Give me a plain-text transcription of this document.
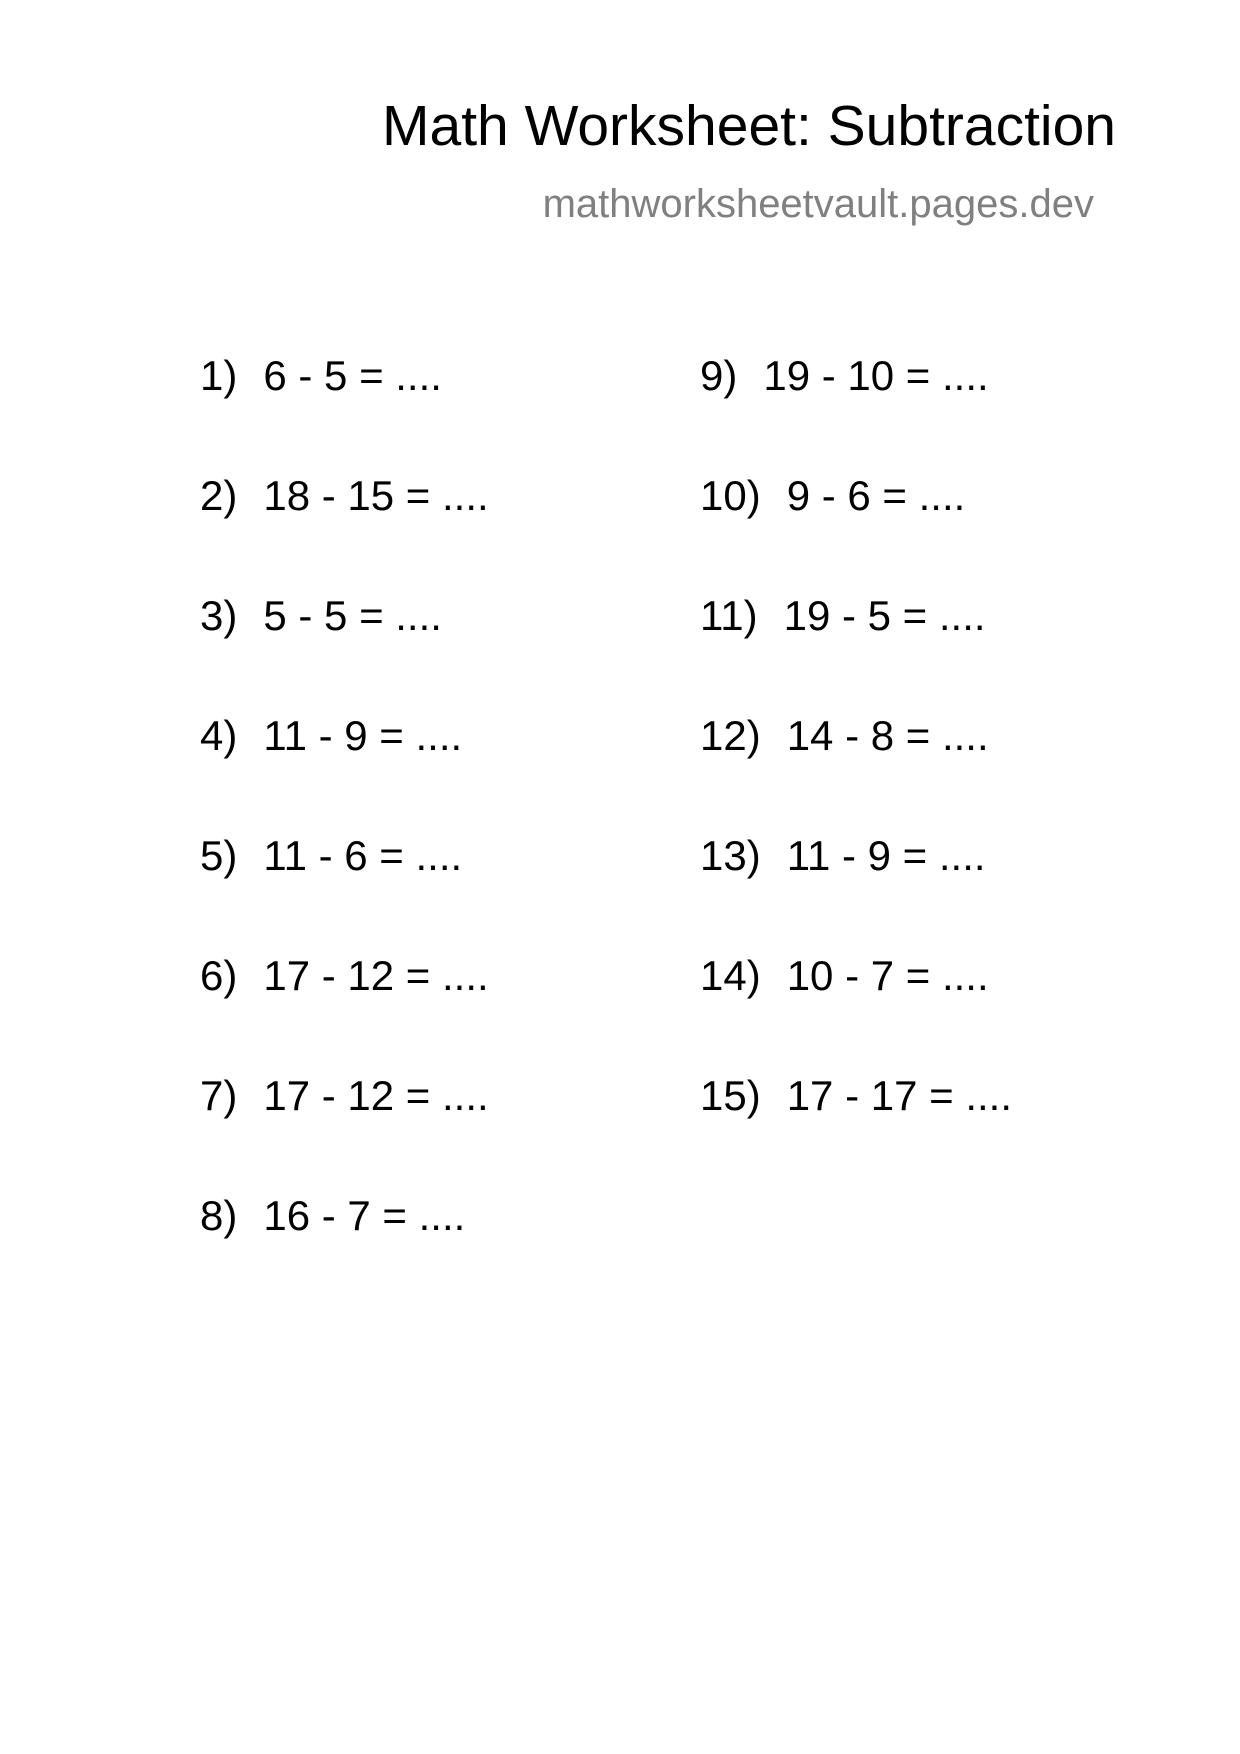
Math Worksheet: Subtraction
mathworksheetvault.pages.dev
1) 6 - 5 = ....
2) 18 - 15 = ....
3) 5 - 5 = ....
4) 11 - 9 = ....
5) 11 - 6 = ....
6) 17 - 12 = ....
7) 17 - 12 = ....
8) 16 - 7 = ....
9) 19 - 10 = ....
10) 9 - 6 = ....
11) 19 - 5 = ....
12) 14 - 8 = ....
13) 11 - 9 = ....
14) 10 - 7 = ....
15) 17 - 17 = ....
